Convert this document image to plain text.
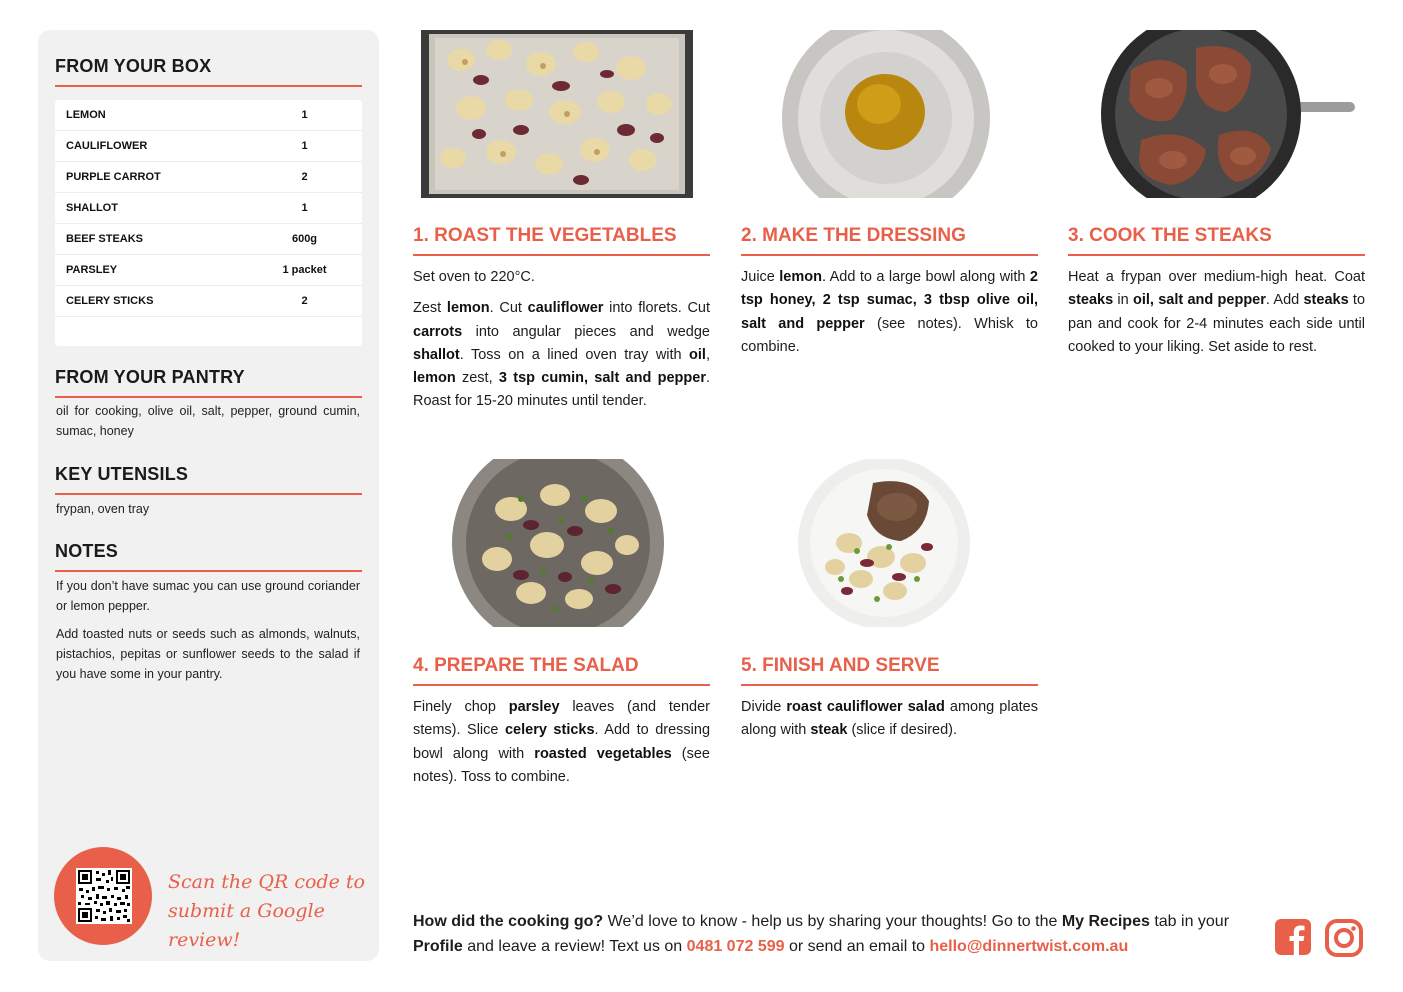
FROM YOUR BOX
LEMON	1
CAULIFLOWER	1
PURPLE CARROT	2
SHALLOT	1
BEEF STEAKS	600g
PARSLEY	1 packet
CELERY STICKS	2
FROM YOUR PANTRY
oil for cooking, olive oil, salt, pepper, ground cumin, sumac, honey
KEY UTENSILS
frypan, oven tray
NOTES

If you don’t have sumac you can use ground coriander or lemon pepper.

Add toasted nuts or seeds such as almonds, walnuts, pistachios, pepitas or sunflower seeds to the salad if you have some in your pantry.

Scan the QR code to
submit a Google review!
1. ROAST THE VEGETABLES

Set oven to 220°C.

Zest lemon. Cut cauliflower into florets. Cut carrots into angular pieces and wedge shallot. Toss on a lined oven tray with oil, lemon zest, 3 tsp cumin, salt and pepper. Roast for 15-20 minutes until tender.

2. MAKE THE DRESSING

Juice lemon. Add to a large bowl along with 2 tsp honey, 2 tsp sumac, 3 tbsp olive oil, salt and pepper (see notes). Whisk to combine.

3. COOK THE STEAKS

Heat a frypan over medium-high heat. Coat steaks in oil, salt and pepper. Add steaks to pan and cook for 2-4 minutes each side until cooked to your liking. Set aside to rest.

4. PREPARE THE SALAD

Finely chop parsley leaves (and tender stems). Slice celery sticks. Add to dressing bowl along with roasted vegetables (see notes). Toss to combine.

5. FINISH AND SERVE

Divide roast cauliflower salad among plates along with steak (slice if desired).

How did the cooking go? We’d love to know - help us by sharing your thoughts! Go to the My Recipes tab in your Profile and leave a review! Text us on 0481 072 599 or send an email to hello@dinnertwist.com.au
